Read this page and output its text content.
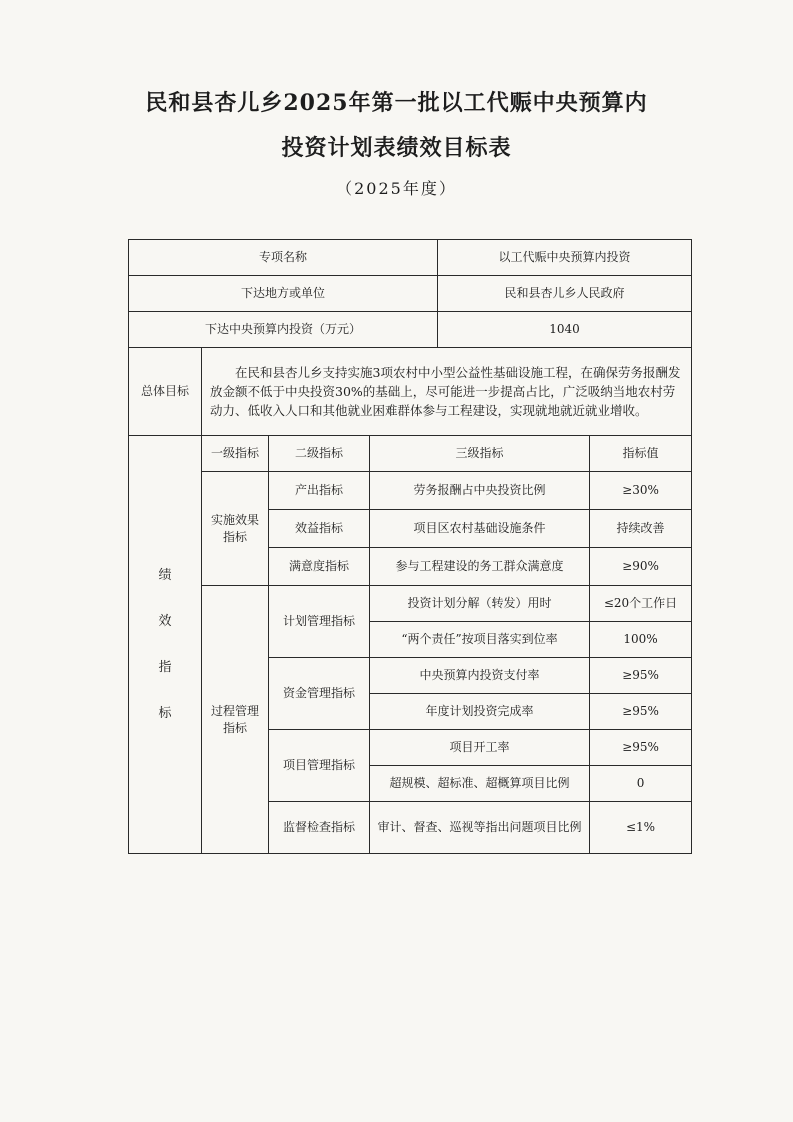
民和县杏儿乡2025年第一批以工代赈中央预算内
投资计划表绩效目标表
（2025年度）
专项名称				以工代赈中央预算内投资	
下达地方或单位				民和县杏儿乡人民政府	
下达中央预算内投资（万元）				1040	
总体目标	在民和县杏儿乡支持实施3项农村中小型公益性基础设施工程，在确保劳务报酬发放金额不低于中央投资30%的基础上，尽可能进一步提高占比，广泛吸纳当地农村劳动力、低收入人口和其他就业困难群体参与工程建设，实现就地就近就业增收。				

绩
效
指
标	一级指标	二级指标	三级指标		指标值
	实施效果指标	产出指标	劳务报酬占中央投资比例		≥30%
		效益指标	项目区农村基础设施条件		持续改善
		满意度指标	参与工程建设的务工群众满意度		≥90%
	过程管理指标	计划管理指标	投资计划分解（转发）用时		≤20个工作日
			“两个责任”按项目落实到位率		100%
		资金管理指标	中央预算内投资支付率		≥95%
			年度计划投资完成率		≥95%
		项目管理指标	项目开工率		≥95%
			超规模、超标准、超概算项目比例		0
		监督检查指标	审计、督查、巡视等指出问题项目比例		≤1%
